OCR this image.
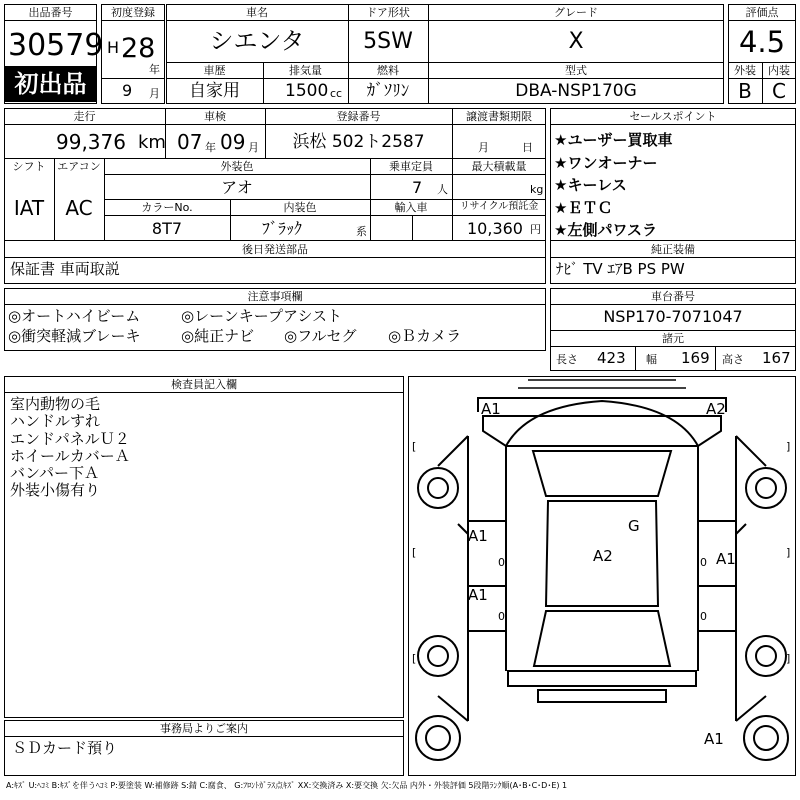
出品番号
30579
初出品
初度登録
H 28
年
9 月
車名
シエンタ
ドア形状
5SW
グレード
X
車歴
自家用
排気量
1500 cc
燃料
ｶﾞｿﾘﾝ
型式
DBA-NSP170G
評価点
4.5
外装	内装
B	C
走行
99,376 km
車検
07 年 09 月
登録番号
浜松 502ト2587
譲渡書類期限
月	日
シフト
IAT
エアコン
AC
外装色
アオ
乗車定員
7 人
最大積載量
kg
カラーNo.
8T7
内装色
ﾌﾞﾗｯｸ	系
輸入車	リサイクル預託金
10,360 円
後日発送部品
保証書 車両取説
セールスポイント
★ユーザー買取車
★ワンオーナー
★キーレス
★ＥＴＣ
★左側パワスラ
純正装備
ﾅﾋﾞ TV ｴｱB PS PW
注意事項欄
◎オートハイビーム	◎レーンキープアシスト
◎衝突軽減ブレーキ	◎純正ナビ ◎フルセグ ◎Ｂカメラ
車台番号
NSP170-7071047
諸元
長さ 423 幅 169 高さ 167
検査員記入欄
室内動物の毛
ハンドルすれ
エンドパネルＵ２
ホイールカバーＡ
バンパー下Ａ
外装小傷有り
事務局よりご案内
ＳＤカード預り
[	]
[	]
[	]
0	0
0	0
A1	A2
A1
A1
A2
G
A1
A1
A:ｷｽﾞ U:ﾍｺﾐ B:ｷｽﾞを伴うﾍｺﾐ P:要塗装 W:補修跡 S:錆 C:腐食、 G:ﾌﾛﾝﾄｶﾞﾗｽ点ｷｽﾞ XX:交換済み X:要交換 欠:欠品 内外・外装評価 5段階ﾗﾝｸ順(A･B･C･D･E) 1
